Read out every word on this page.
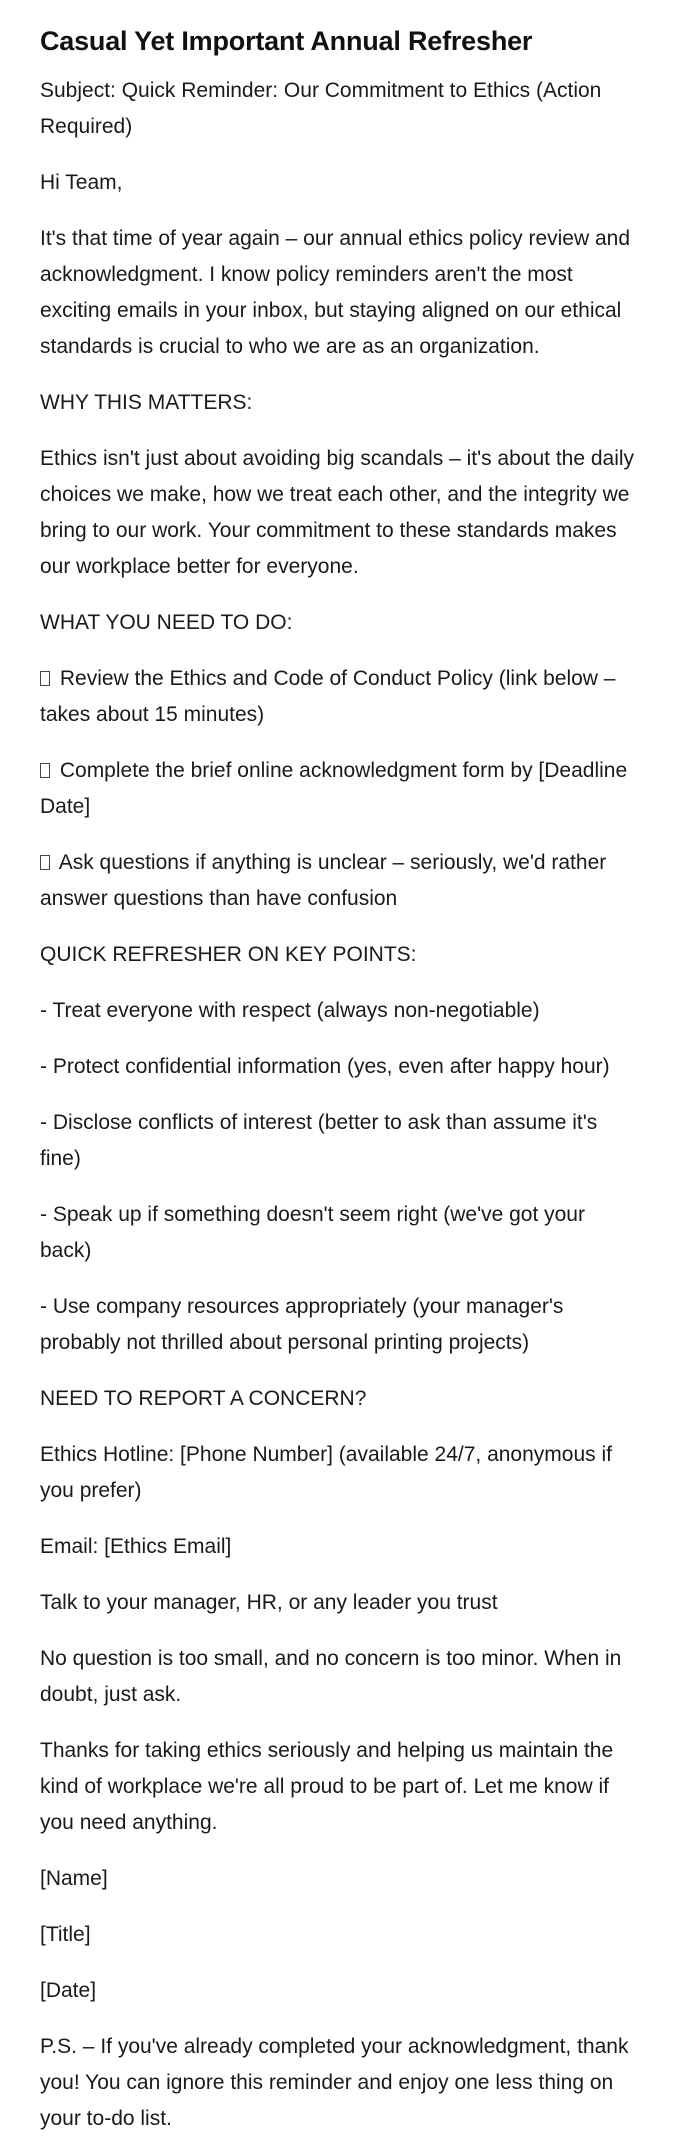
Casual Yet Important Annual Refresher

Subject: Quick Reminder: Our Commitment to Ethics (Action Required)

Hi Team,

It's that time of year again – our annual ethics policy review and acknowledgment. I know policy reminders aren't the most exciting emails in your inbox, but staying aligned on our ethical standards is crucial to who we are as an organization.

WHY THIS MATTERS:

Ethics isn't just about avoiding big scandals – it's about the daily choices we make, how we treat each other, and the integrity we bring to our work. Your commitment to these standards makes our workplace better for everyone.

WHAT YOU NEED TO DO:

Review the Ethics and Code of Conduct Policy (link below – takes about 15 minutes)

Complete the brief online acknowledgment form by [Deadline Date]

Ask questions if anything is unclear – seriously, we'd rather answer questions than have confusion

QUICK REFRESHER ON KEY POINTS:

- Treat everyone with respect (always non-negotiable)

- Protect confidential information (yes, even after happy hour)

- Disclose conflicts of interest (better to ask than assume it's fine)

- Speak up if something doesn't seem right (we've got your back)

- Use company resources appropriately (your manager's probably not thrilled about personal printing projects)

NEED TO REPORT A CONCERN?

Ethics Hotline: [Phone Number] (available 24/7, anonymous if you prefer)

Email: [Ethics Email]

Talk to your manager, HR, or any leader you trust

No question is too small, and no concern is too minor. When in doubt, just ask.

Thanks for taking ethics seriously and helping us maintain the kind of workplace we're all proud to be part of. Let me know if you need anything.

[Name]

[Title]

[Date]

P.S. – If you've already completed your acknowledgment, thank you! You can ignore this reminder and enjoy one less thing on your to-do list.
